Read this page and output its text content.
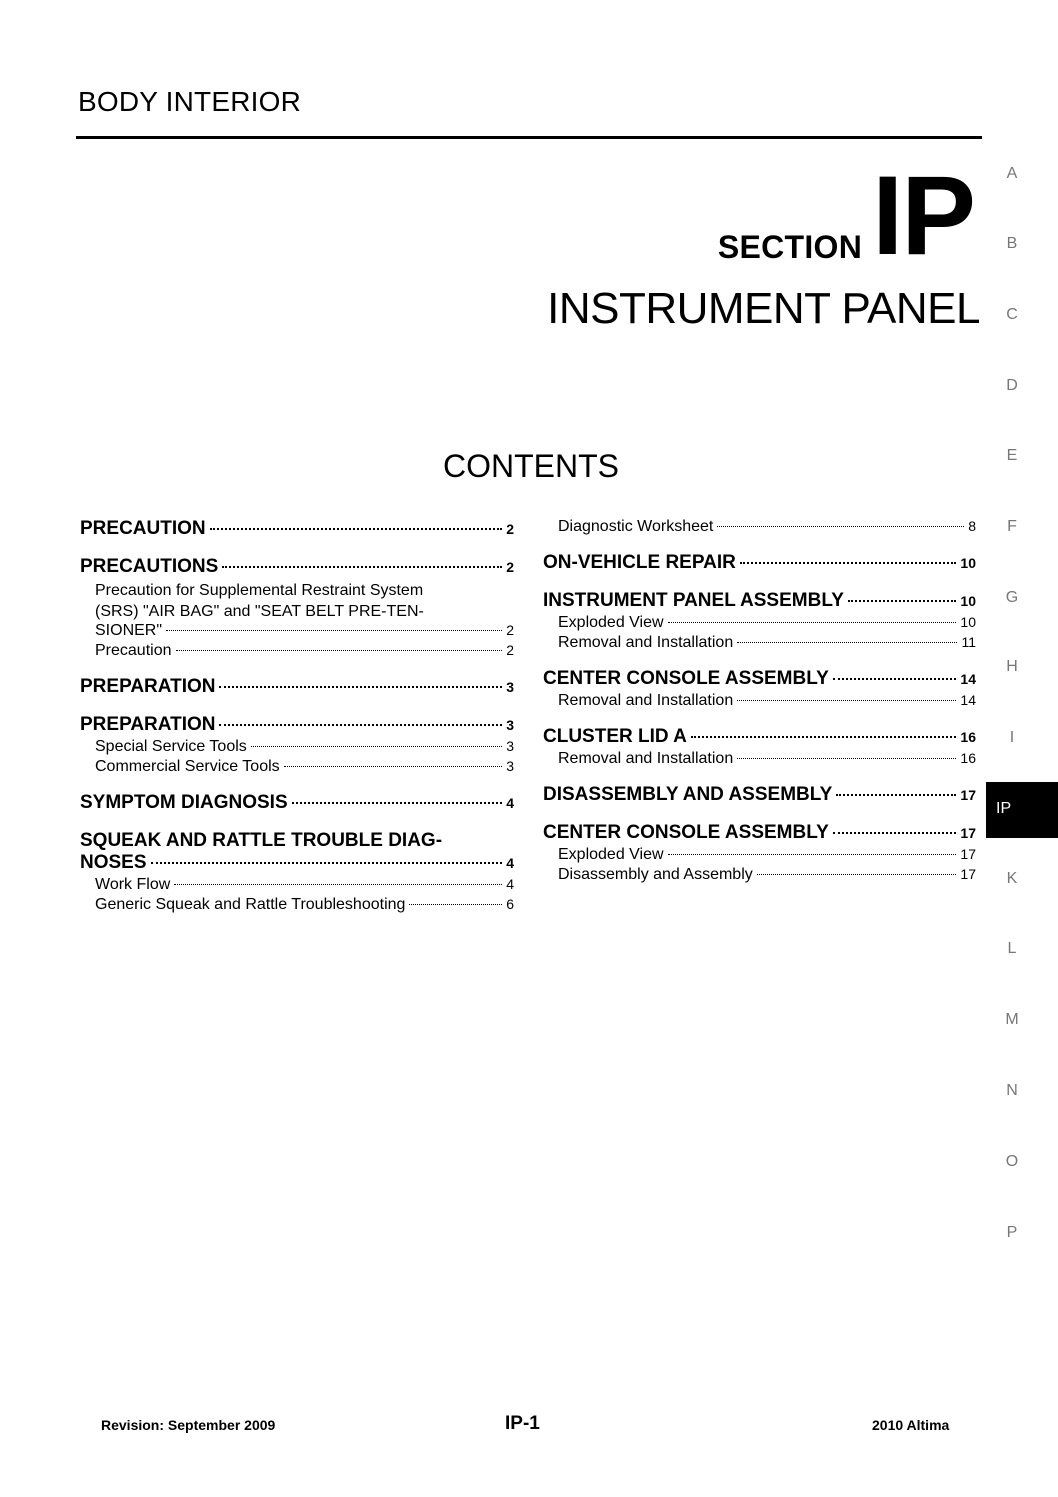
BODY INTERIOR
SECTION IP
INSTRUMENT PANEL
CONTENTS
PRECAUTION	2
PRECAUTIONS	2
Precaution for Supplemental Restraint System
(SRS) "AIR BAG" and "SEAT BELT PRE-TEN-
SIONER"	2
Precaution	2
PREPARATION	3
PREPARATION	3
Special Service Tools	3
Commercial Service Tools	3
SYMPTOM DIAGNOSIS	4
SQUEAK AND RATTLE TROUBLE DIAG-
NOSES	4
Work Flow	4
Generic Squeak and Rattle Troubleshooting	6
Diagnostic Worksheet	8
ON-VEHICLE REPAIR	10
INSTRUMENT PANEL ASSEMBLY	10
Exploded View	10
Removal and Installation	11
CENTER CONSOLE ASSEMBLY	14
Removal and Installation	14
CLUSTER LID A	16
Removal and Installation	16
DISASSEMBLY AND ASSEMBLY	17
CENTER CONSOLE ASSEMBLY	17
Exploded View	17
Disassembly and Assembly	17
A
B
C
D
E
F
G
H
I
IP
K
L
M
N
O
P
Revision: September 2009	IP-1	2010 Altima
